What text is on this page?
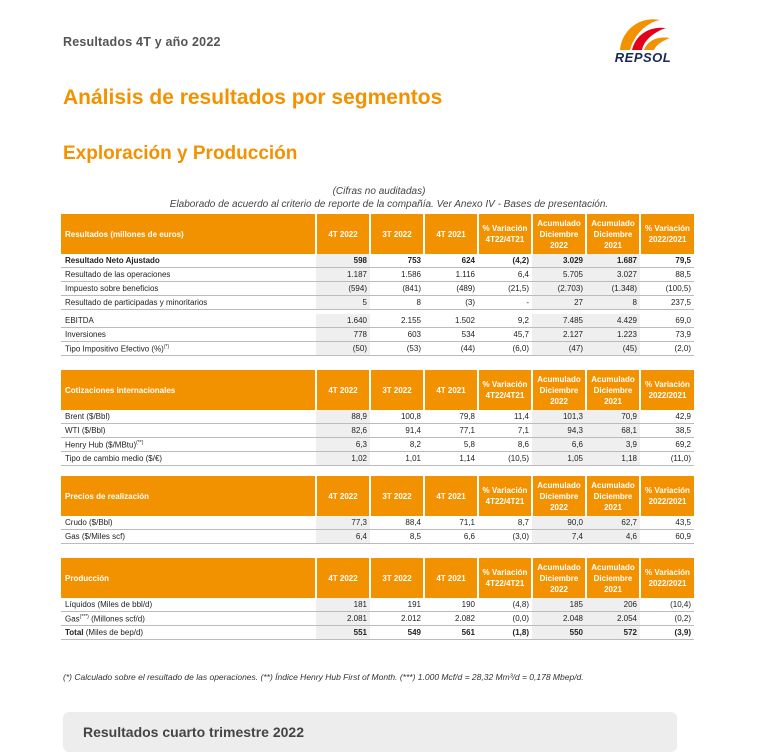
Resultados 4T y año 2022
REPSOL
Análisis de resultados por segmentos
Exploración y Producción
(Cifras no auditadas)
Elaborado de acuerdo al criterio de reporte de la compañía. Ver Anexo IV - Bases de presentación.
Resultados (millones de euros)	4T 2022	3T 2022	4T 2021	% Variación 4T22/4T21	Acumulado Diciembre 2022	Acumulado Diciembre 2021	% Variación 2022/2021
Resultado Neto Ajustado	598	753	624	(4,2)	3.029	1.687	79,5
Resultado de las operaciones	1.187	1.586	1.116	6,4	5.705	3.027	88,5
Impuesto sobre beneficios	(594)	(841)	(489)	(21,5)	(2.703)	(1.348)	(100,5)
Resultado de participadas y minoritarios	5	8	(3)	-	27	8	237,5

EBITDA	1.640	2.155	1.502	9,2	7.485	4.429	69,0
Inversiones	778	603	534	45,7	2.127	1.223	73,9
Tipo Impositivo Efectivo (%)(*)	(50)	(53)	(44)	(6,0)	(47)	(45)	(2,0)
Cotizaciones internacionales	4T 2022	3T 2022	4T 2021	% Variación 4T22/4T21	Acumulado Diciembre 2022	Acumulado Diciembre 2021	% Variación 2022/2021
Brent ($/Bbl)	88,9	100,8	79,8	11,4	101,3	70,9	42,9
WTI ($/Bbl)	82,6	91,4	77,1	7,1	94,3	68,1	38,5
Henry Hub ($/MBtu)(**)	6,3	8,2	5,8	8,6	6,6	3,9	69,2
Tipo de cambio medio ($/€)	1,02	1,01	1,14	(10,5)	1,05	1,18	(11,0)
Precios de realización	4T 2022	3T 2022	4T 2021	% Variación 4T22/4T21	Acumulado Diciembre 2022	Acumulado Diciembre 2021	% Variación 2022/2021
Crudo ($/Bbl)	77,3	88,4	71,1	8,7	90,0	62,7	43,5
Gas ($/Miles scf)	6,4	8,5	6,6	(3,0)	7,4	4,6	60,9
Producción	4T 2022	3T 2022	4T 2021	% Variación 4T22/4T21	Acumulado Diciembre 2022	Acumulado Diciembre 2021	% Variación 2022/2021
Líquidos (Miles de bbl/d)	181	191	190	(4,8)	185	206	(10,4)
Gas(***) (Millones scf/d)	2.081	2.012	2.082	(0,0)	2.048	2.054	(0,2)
Total (Miles de bep/d)	551	549	561	(1,8)	550	572	(3,9)
(*) Calculado sobre el resultado de las operaciones. (**) Índice Henry Hub First of Month. (***) 1.000 Mcf/d = 28,32 Mm³/d = 0,178 Mbep/d.
Resultados cuarto trimestre 2022
